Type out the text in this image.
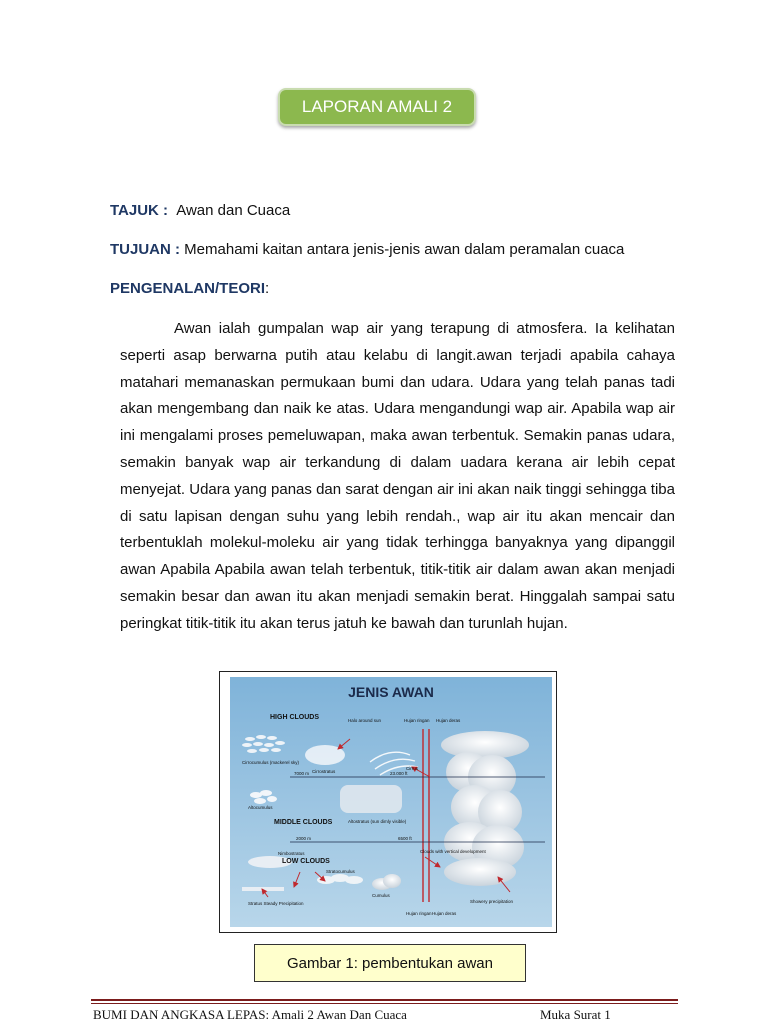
LAPORAN AMALI 2
TAJUK : Awan dan Cuaca
TUJUAN : Memahami kaitan antara jenis-jenis awan dalam peramalan cuaca
PENGENALAN/TEORI:

Awan ialah gumpalan wap air yang terapung di atmosfera. Ia kelihatan seperti asap berwarna putih atau kelabu di langit.awan terjadi apabila cahaya matahari memanaskan permukaan bumi dan udara. Udara yang telah panas tadi akan mengembang dan naik ke atas. Udara mengandungi wap air. Apabila wap air ini mengalami proses pemeluwapan, maka awan terbentuk. Semakin panas udara, semakin banyak wap air terkandung di dalam uadara kerana air lebih cepat menyejat. Udara yang panas dan sarat dengan air ini akan naik tinggi sehingga tiba di satu lapisan dengan suhu yang lebih rendah., wap air itu akan mencair dan terbentuklah molekul-moleku air yang tidak terhingga banyaknya yang dipanggil awan Apabila Apabila awan telah terbentuk, titik-titik air dalam awan akan menjadi semakin besar dan awan itu akan menjadi semakin berat. Hinggalah sampai satu peringkat titik-titik itu akan terus jatuh ke bawah dan turunlah hujan.

JENIS AWAN
HIGH CLOUDS	Halo around sun	Hujan ringan Hujan deras
Cirrocumulus (mackerel sky)
Cirrostratus
Cirrus
7000 m	23.000 ft
Altocumulus
MIDDLE CLOUDS	Altostratus (sun dimly visible)
2000 m	6500 ft
Nimbostratus
LOW CLOUDS
Stratocumulus
Clouds with vertical development
Stratus Steady Precipitation
Cumulus
Hujan ringan Hujan deras
Showery precipitation
Gambar 1: pembentukan awan
BUMI DAN ANGKASA LEPAS: Amali 2 Awan Dan Cuaca	Muka Surat 1
